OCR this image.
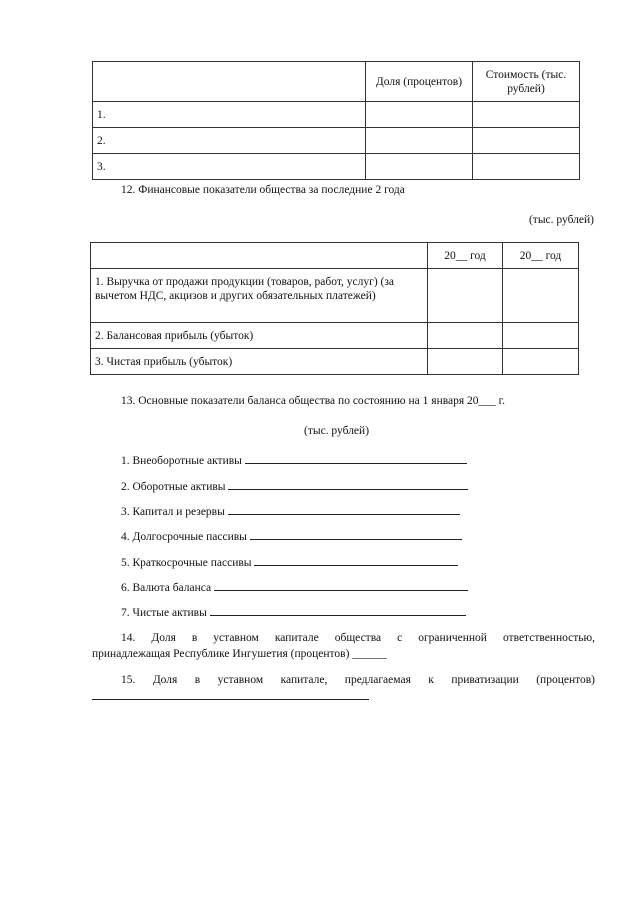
	Доля (процентов)	Стоимость (тыс. рублей)
1.		
2.		
3.		
12. Финансовые показатели общества за последние 2 года
(тыс. рублей)
	20__ год	20__ год
1. Выручка от продажи продукции (товаров, работ, услуг) (за вычетом НДС, акцизов и других обязательных платежей)		
2. Балансовая прибыль (убыток)		
3. Чистая прибыль (убыток)		
13. Основные показатели баланса общества по состоянию на 1 января 20___ г.
(тыс. рублей)
1. Внеоборотные активы
2. Оборотные активы
3. Капитал и резервы
4. Долгосрочные пассивы
5. Краткосрочные пассивы
6. Валюта баланса
7. Чистые активы
14. Доля в уставном капитале общества с ограниченной ответственностью,
принадлежащая Республике Ингушетия (процентов) ______
15. Доля в уставном капитале, предлагаемая к приватизации (процентов)
